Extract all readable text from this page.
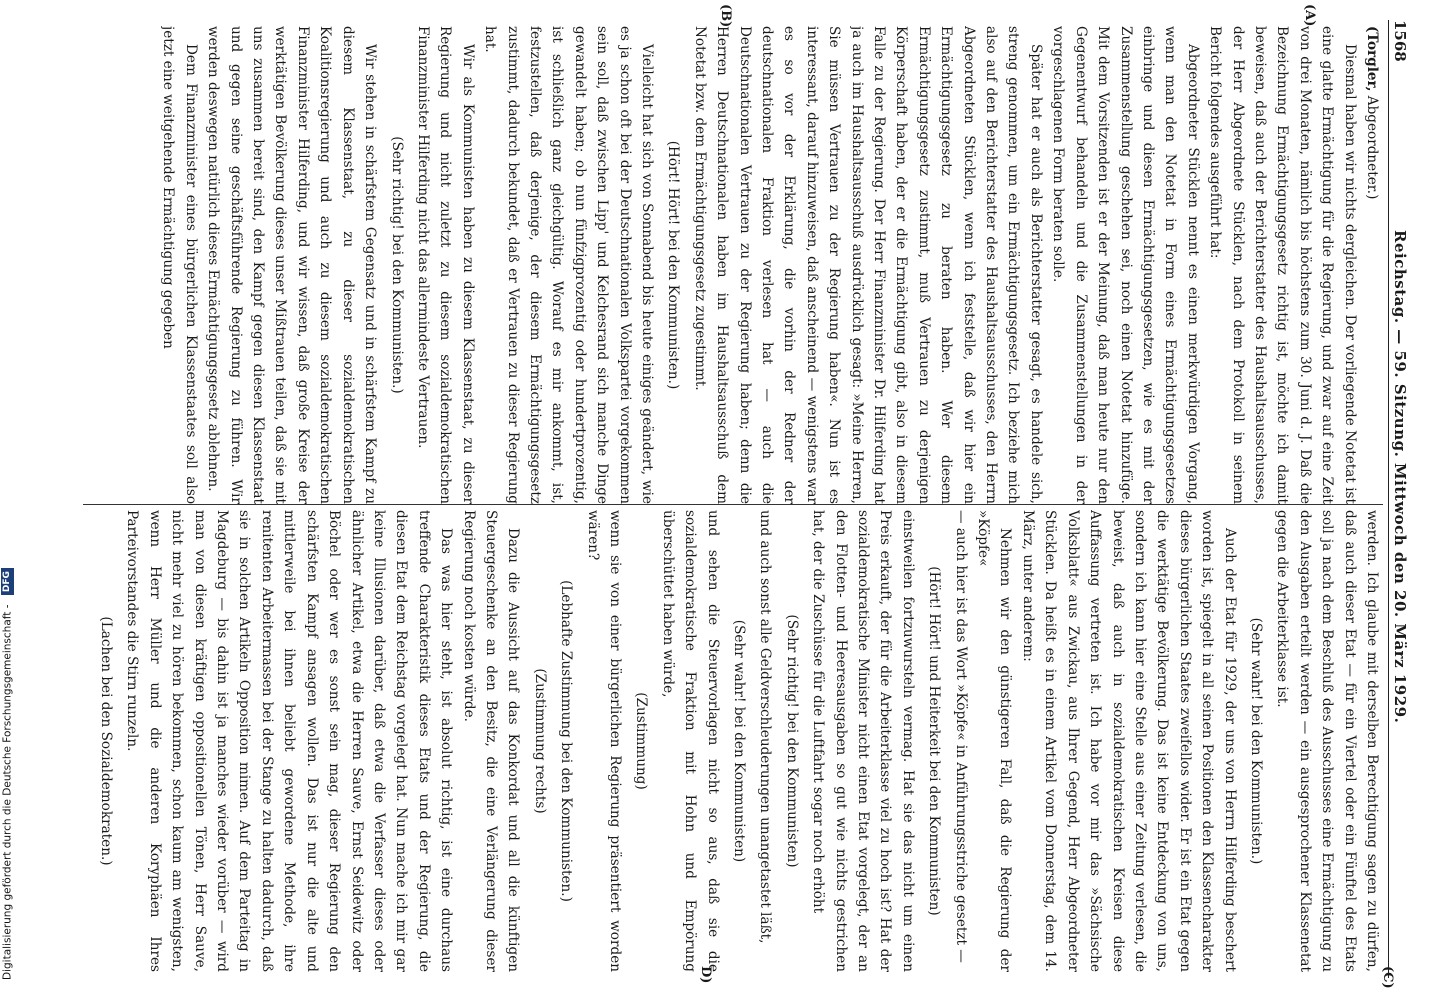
1568
Reichstag. — 59. Sitzung. Mittwoch den 20. März 1929.
(A)
(B)
(C)
D)

(Torgler, Abgeordneter.)

Diesmal haben wir nichts dergleichen. Der vorliegende Notetat ist eine glatte Ermächtigung für die Regierung, und zwar auf eine Zeit von drei Monaten, nämlich bis höchstens zum 30. Juni d. J. Daß die Bezeichnung Ermächtigungsgesetz richtig ist, möchte ich damit beweisen, daß auch der Berichterstatter des Haushaltsausschusses, der Herr Abgeordnete Stücklen, nach dem Protokoll in seinem Bericht folgendes ausgeführt hat:

Abgeordneter Stücklen nennt es einen merkwürdigen Vorgang, wenn man den Notetat in Form eines Ermächtigungsgesetzes einbringe und diesen Ermächtigungsgesetzen, wie es mit der Zusammenstellung geschehen sei, noch einen Notetat hinzufüge. Mit dem Vorsitzenden ist er der Meinung, daß man heute nur den Gegenentwurf behandeln und die Zusammenstellungen in der vorgeschlagenen Form beraten solle.

Später hat er auch als Berichterstatter gesagt, es handele sich, streng genommen, um ein Ermächtigungsgesetz. Ich beziehe mich also auf den Berichterstatter des Haushaltsausschusses, den Herrn Abgeordneten Stücklen, wenn ich feststelle, daß wir hier ein Ermächtigungsgesetz zu beraten haben. Wer diesem Ermächtigungsgesetz zustimmt, muß Vertrauen zu derjenigen Körperschaft haben, der er die Ermächtigung gibt, also in diesem Falle zu der Regierung. Der Herr Finanzminister Dr. Hilferding hat ja auch im Haushaltsausschuß ausdrücklich gesagt: »Meine Herren, Sie müssen Vertrauen zu der Regierung haben«. Nun ist es interessant, darauf hinzuweisen, daß anscheinend — wenigstens war es so vor der Erklärung, die vorhin der Redner der deutschnationalen Fraktion verlesen hat — auch die Deutschnationalen Vertrauen zu der Regierung haben; denn die Herren Deutschnationalen haben im Haushaltsausschuß dem Notetat bzw. dem Ermächtigungsgesetz zugestimmt.

(Hört! Hört! bei den Kommunisten.)

Vielleicht hat sich von Sonnabend bis heute einiges geändert, wie es ja schon oft bei der Deutschnationalen Volkspartei vorgekommen sein soll, daß zwischen Lipp' und Kelchesrand sich manche Dinge gewandelt haben; ob nun fünfzigprozentig oder hundertprozentig, ist schließlich ganz gleichgültig. Worauf es mir ankommt, ist, festzustellen, daß derjenige, der diesem Ermächtigungsgesetz zustimmt, dadurch bekundet, daß er Vertrauen zu dieser Regierung hat.

Wir als Kommunisten haben zu diesem Klassenstaat, zu dieser Regierung und nicht zuletzt zu diesem sozialdemokratischen Finanzminister Hilferding nicht das allermindeste Vertrauen.

(Sehr richtig! bei den Kommunisten.)

Wir stehen in schärfstem Gegensatz und in schärfstem Kampf zu diesem Klassenstaat, zu dieser sozialdemokratischen Koalitionsregierung und auch zu diesem sozialdemokratischen Finanzminister Hilferding, und wir wissen, daß große Kreise der werktätigen Bevölkerung dieses unser Mißtrauen teilen, daß sie mit uns zusammen bereit sind, den Kampf gegen diesen Klassenstaat und gegen seine geschäftsführende Regierung zu führen. Wir werden deswegen natürlich dieses Ermächtigungsgesetz ablehnen.

Dem Finanzminister eines bürgerlichen Klassenstaates soll also jetzt eine weitgehende Ermächtigung gegeben

werden. Ich glaube mit derselben Berechtigung sagen zu dürfen, daß auch dieser Etat — für ein Viertel oder ein Fünftel des Etats soll ja nach dem Beschluß des Ausschusses eine Ermächtigung zu den Ausgaben erteilt werden — ein ausgesprochener Klassenetat gegen die Arbeiterklasse ist.

(Sehr wahr! bei den Kommunisten.)

Auch der Etat für 1929, der uns von Herrn Hilferding beschert worden ist, spiegelt in all seinen Positionen den Klassencharakter dieses bürgerlichen Staates zweifellos wider. Er ist ein Etat gegen die werktätige Bevölkerung. Das ist keine Entdeckung von uns, sondern ich kann hier eine Stelle aus einer Zeitung verlesen, die beweist, daß auch in sozialdemokratischen Kreisen diese Auffassung vertreten ist. Ich habe vor mir das »Sächsische Volksblatt« aus Zwickau, aus Ihrer Gegend, Herr Abgeordneter Stücklen. Da heißt es in einem Artikel vom Donnerstag, dem 14. März, unter anderem:

Nehmen wir den günstigeren Fall, daß die Regierung der »Köpfe«

— auch hier ist das Wort »Köpfe« in Anführungsstriche gesetzt —

(Hört! Hört! und Heiterkeit bei den Kommunisten)

einstweilen fortzuwursteln vermag. Hat sie das nicht um einen Preis erkauft, der für die Arbeiterklasse viel zu hoch ist? Hat der sozialdemokratische Minister nicht einen Etat vorgelegt, der an den Flotten- und Heeresausgaben so gut wie nichts gestrichen hat, der die Zuschüsse für die Luftfahrt sogar noch erhöht

(Sehr richtig! bei den Kommunisten)

und auch sonst alle Geldverschleuderungen unangetastet läßt,

(Sehr wahr! bei den Kommunisten)

und sehen die Steuervorlagen nicht so aus, daß sie die sozialdemokratische Fraktion mit Hohn und Empörung überschüttet haben würde,

(Zustimmung)

wenn sie von einer bürgerlichen Regierung präsentiert worden wären?

(Lebhafte Zustimmung bei den Kommunisten.)

(Zustimmung rechts)

Dazu die Aussicht auf das Konkordat und all die künftigen Steuergeschenke an den Besitz, die eine Verlängerung dieser Regierung noch kosten würde.

Das was hier steht, ist absolut richtig, ist eine durchaus treffende Charakteristik dieses Etats und der Regierung, die diesen Etat dem Reichstag vorgelegt hat. Nun mache ich mir gar keine Illusionen darüber, daß etwa die Verfasser dieses oder ähnlicher Artikel, etwa die Herren Sauve, Ernst Seidewitz oder Böchel oder wer es sonst sein mag, dieser Regierung den schärfsten Kampf ansagen wollen. Das ist nur die alte und mittlerweile bei ihnen beliebt gewordene Methode, ihre renitenten Arbeitermassen bei der Stange zu halten dadurch, daß sie in solchen Artikeln Opposition mimen. Auf dem Parteitag in Magdeburg — bis dahin ist ja manches wieder vorüber — wird man von diesen kräftigen oppositionellen Tönen, Herr Sauve, nicht mehr viel zu hören bekommen, schon kaum am wenigsten, wenn Herr Müller und die anderen Koryphäen Ihres Parteivorstandes die Stirn runzeln.

(Lachen bei den Sozialdemokraten.)

Digitalisierung gefördert durch die Deutsche Forschungsgemeinschaft - DFG
